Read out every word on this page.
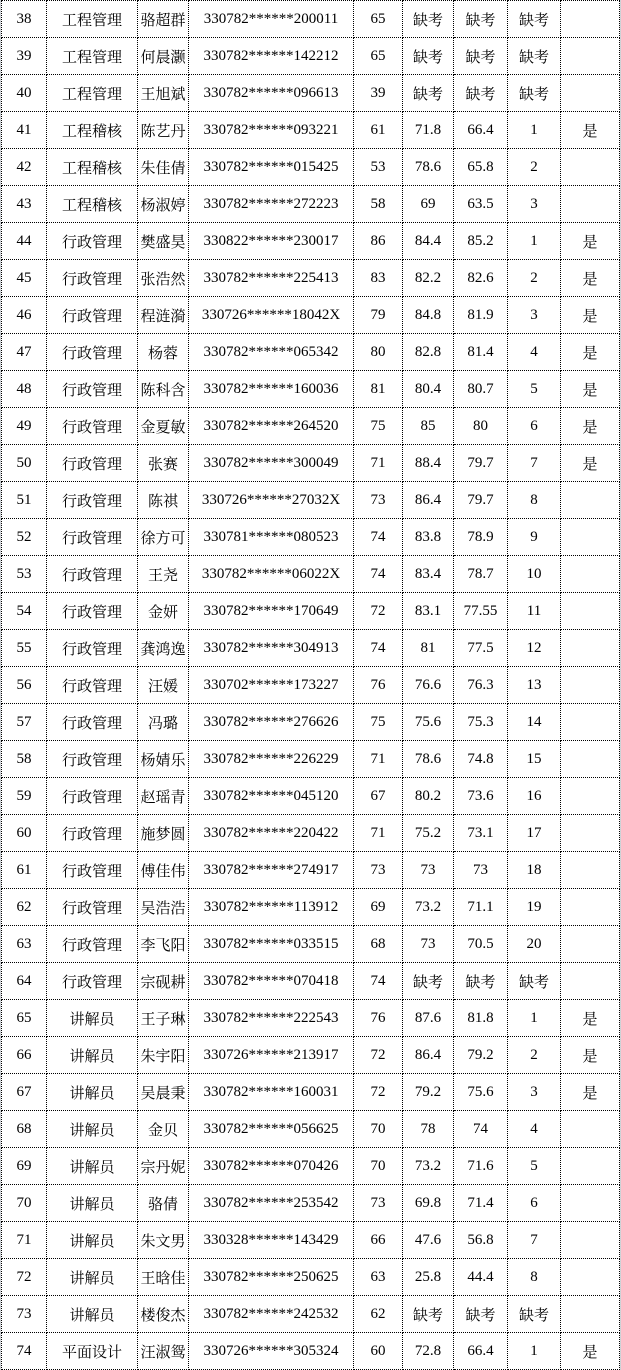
38	工程管理	骆超群	330782******200011	65	缺考	缺考	缺考	
39	工程管理	何晨灏	330782******142212	65	缺考	缺考	缺考	
40	工程管理	王旭斌	330782******096613	39	缺考	缺考	缺考	
41	工程稽核	陈艺丹	330782******093221	61	71.8	66.4	1	是
42	工程稽核	朱佳倩	330782******015425	53	78.6	65.8	2	
43	工程稽核	杨淑婷	330782******272223	58	69	63.5	3	
44	行政管理	樊盛昊	330822******230017	86	84.4	85.2	1	是
45	行政管理	张浩然	330782******225413	83	82.2	82.6	2	是
46	行政管理	程涟漪	330726******18042X	79	84.8	81.9	3	是
47	行政管理	杨蓉	330782******065342	80	82.8	81.4	4	是
48	行政管理	陈科含	330782******160036	81	80.4	80.7	5	是
49	行政管理	金夏敏	330782******264520	75	85	80	6	是
50	行政管理	张赛	330782******300049	71	88.4	79.7	7	是
51	行政管理	陈祺	330726******27032X	73	86.4	79.7	8	
52	行政管理	徐方可	330781******080523	74	83.8	78.9	9	
53	行政管理	王尧	330782******06022X	74	83.4	78.7	10	
54	行政管理	金妍	330782******170649	72	83.1	77.55	11	
55	行政管理	龚鸿逸	330782******304913	74	81	77.5	12	
56	行政管理	汪媛	330702******173227	76	76.6	76.3	13	
57	行政管理	冯璐	330782******276626	75	75.6	75.3	14	
58	行政管理	杨婧乐	330782******226229	71	78.6	74.8	15	
59	行政管理	赵瑶青	330782******045120	67	80.2	73.6	16	
60	行政管理	施梦圆	330782******220422	71	75.2	73.1	17	
61	行政管理	傅佳伟	330782******274917	73	73	73	18	
62	行政管理	吴浩浩	330782******113912	69	73.2	71.1	19	
63	行政管理	李飞阳	330782******033515	68	73	70.5	20	
64	行政管理	宗砚耕	330782******070418	74	缺考	缺考	缺考	
65	讲解员	王子琳	330782******222543	76	87.6	81.8	1	是
66	讲解员	朱宇阳	330726******213917	72	86.4	79.2	2	是
67	讲解员	吴晨秉	330782******160031	72	79.2	75.6	3	是
68	讲解员	金贝	330782******056625	70	78	74	4	
69	讲解员	宗丹妮	330782******070426	70	73.2	71.6	5	
70	讲解员	骆倩	330782******253542	73	69.8	71.4	6	
71	讲解员	朱文男	330328******143429	66	47.6	56.8	7	
72	讲解员	王晗佳	330782******250625	63	25.8	44.4	8	
73	讲解员	楼俊杰	330782******242532	62	缺考	缺考	缺考	
74	平面设计	汪淑鸳	330726******305324	60	72.8	66.4	1	是
